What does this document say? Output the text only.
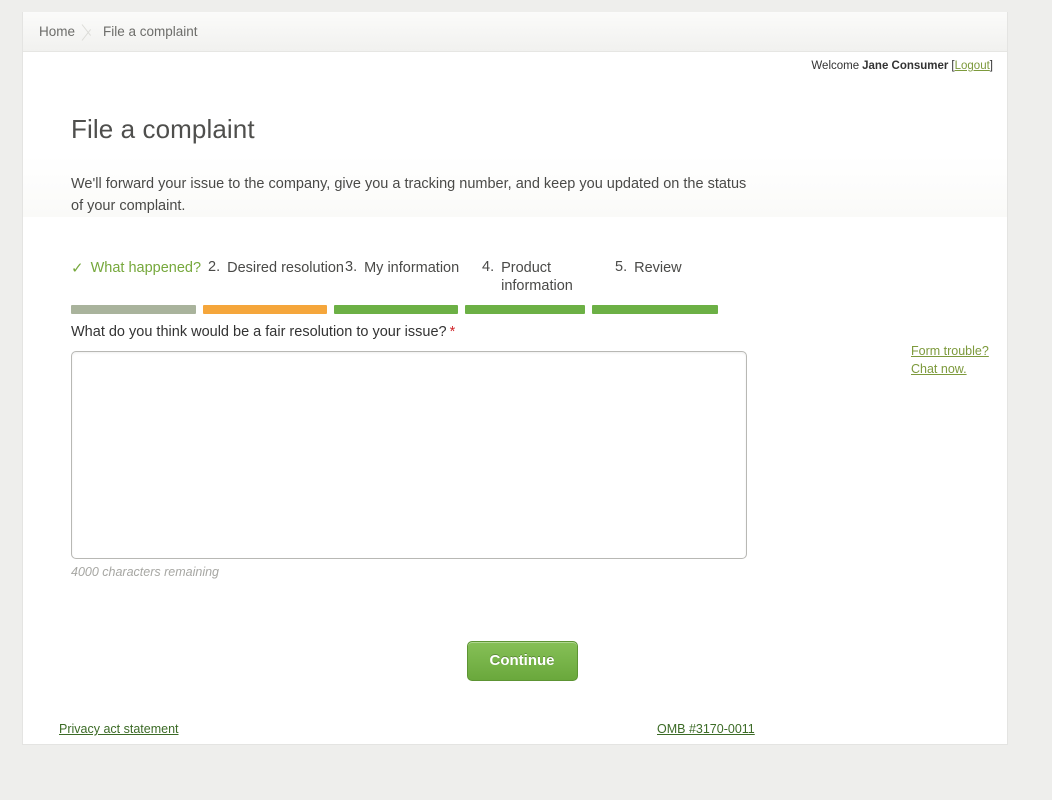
Home File a complaint
Welcome Jane Consumer [ Logout ]
File a complaint

We'll forward your issue to the company, give you a tracking number, and keep you updated on the status of your complaint.

✓ What happened? 2. Desired resolution 3. My information 4. Product information
5. Review
What do you think would be a fair resolution to your issue? *
4000 characters remaining
Form trouble?
Chat now.
Continue
Privacy act statement	OMB #3170-0011
